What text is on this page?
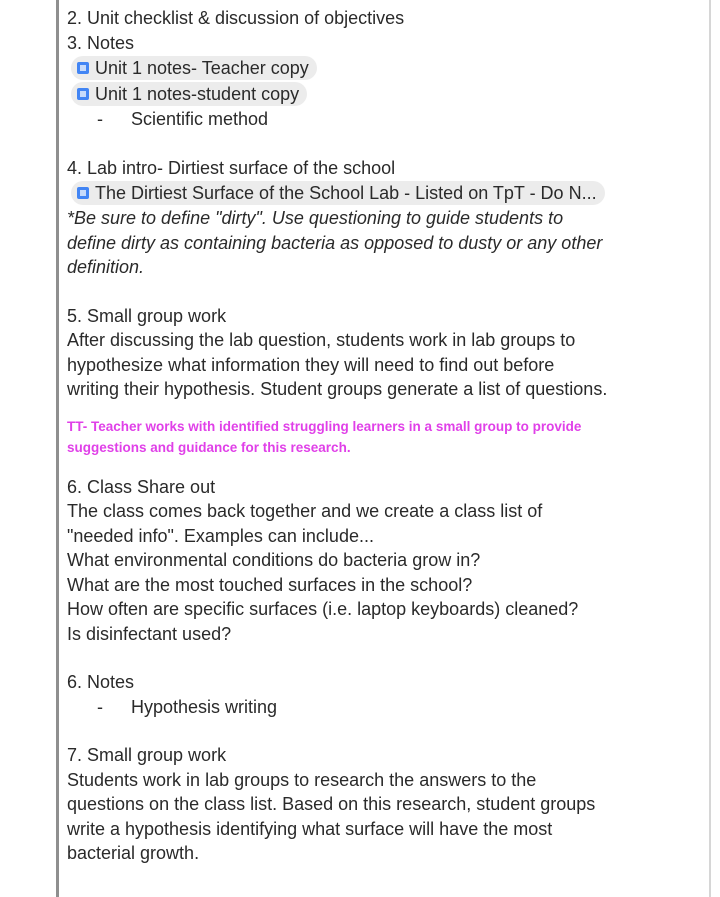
2. Unit checklist & discussion of objectives
3. Notes
Unit 1 notes- Teacher copy
Unit 1 notes-student copy
- Scientific method
4. Lab intro- Dirtiest surface of the school
The Dirtiest Surface of the School Lab - Listed on TpT - Do N...
*Be sure to define "dirty". Use questioning to guide students to
define dirty as containing bacteria as opposed to dusty or any other
definition.
5. Small group work
After discussing the lab question, students work in lab groups to
hypothesize what information they will need to find out before
writing their hypothesis. Student groups generate a list of questions.
TT- Teacher works with identified struggling learners in a small group to provide
suggestions and guidance for this research.
6. Class Share out
The class comes back together and we create a class list of
"needed info". Examples can include...
What environmental conditions do bacteria grow in?
What are the most touched surfaces in the school?
How often are specific surfaces (i.e. laptop keyboards) cleaned?
Is disinfectant used?
6. Notes
- Hypothesis writing
7. Small group work
Students work in lab groups to research the answers to the
questions on the class list. Based on this research, student groups
write a hypothesis identifying what surface will have the most
bacterial growth.
